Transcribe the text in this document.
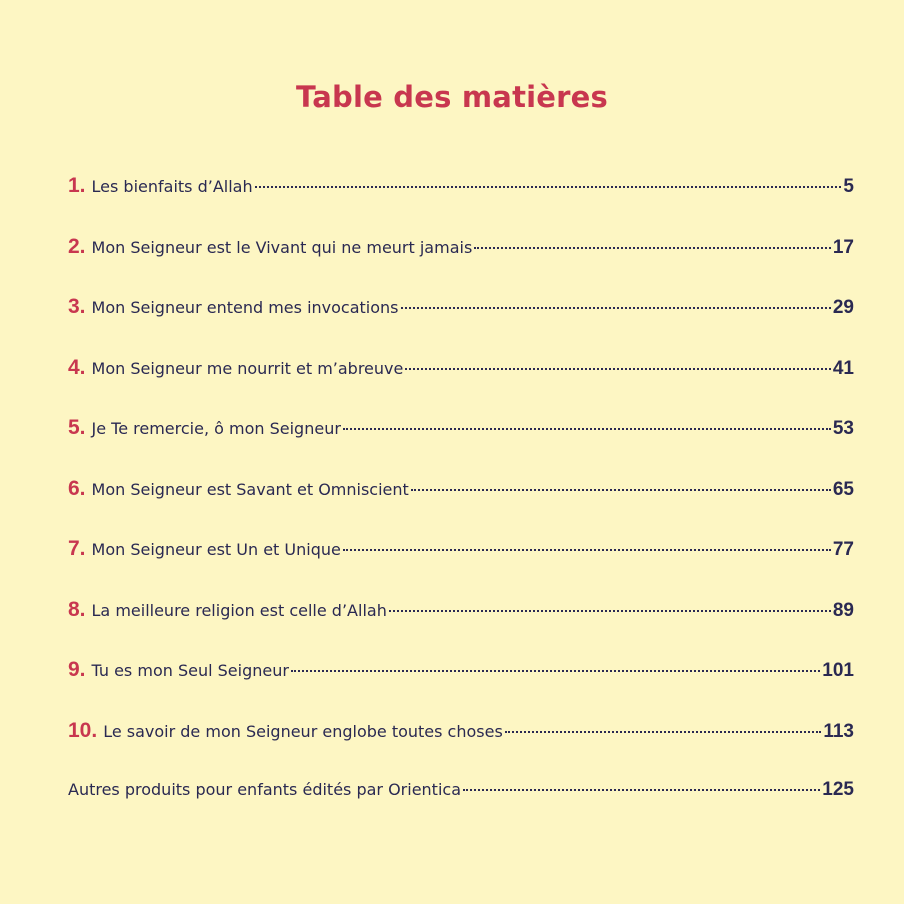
Table des matières
1. Les bienfaits d’Allah	5
2. Mon Seigneur est le Vivant qui ne meurt jamais	17
3. Mon Seigneur entend mes invocations	29
4. Mon Seigneur me nourrit et m’abreuve	41
5. Je Te remercie, ô mon Seigneur	53
6. Mon Seigneur est Savant et Omniscient	65
7. Mon Seigneur est Un et Unique	77
8. La meilleure religion est celle d’Allah	89
9. Tu es mon Seul Seigneur	101
10. Le savoir de mon Seigneur englobe toutes choses	113
Autres produits pour enfants édités par Orientica	125
